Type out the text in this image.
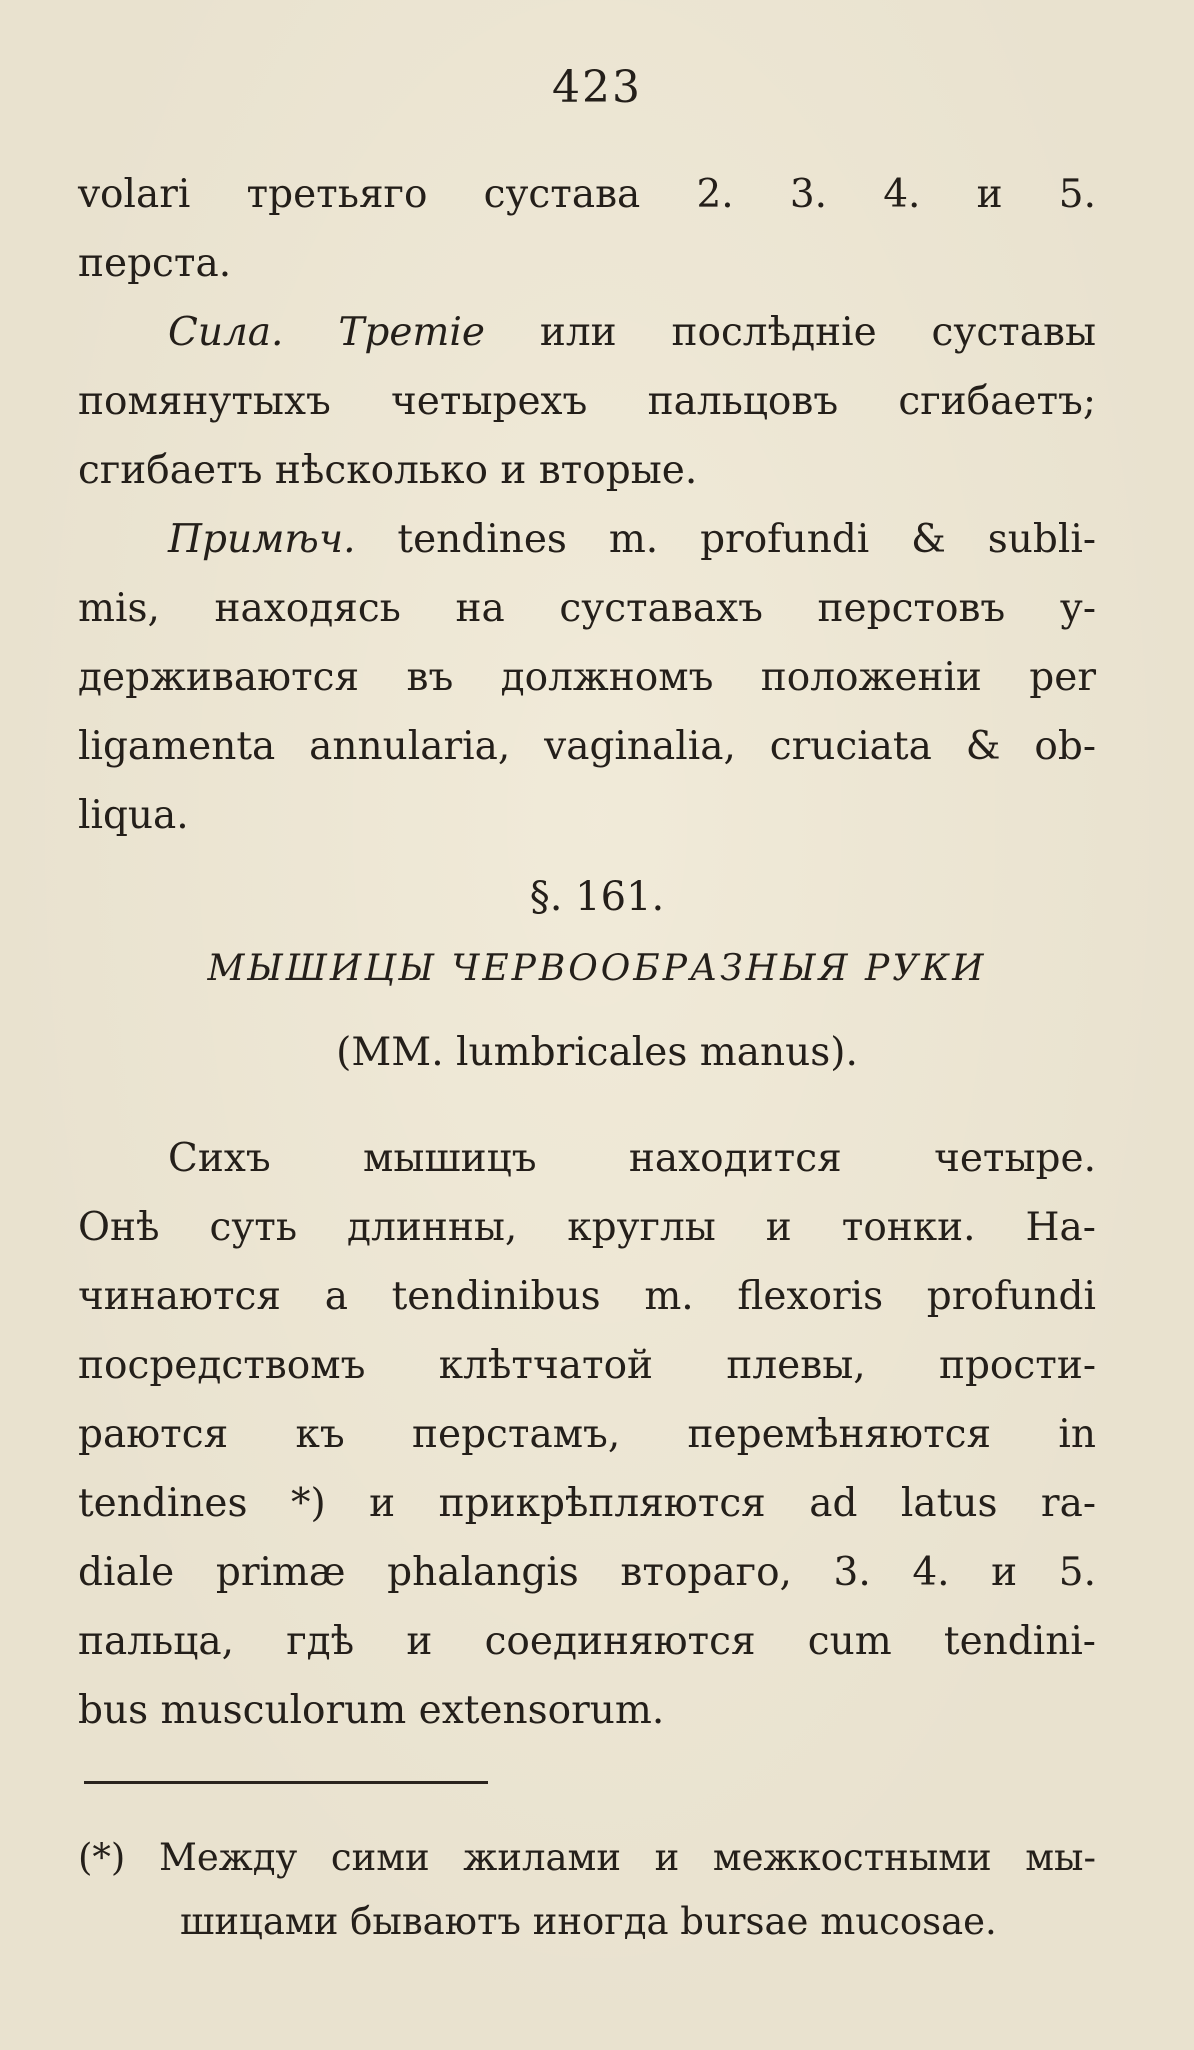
423
volari третьяго сустава 2. 3. 4. и 5.
перста.
Сила. Третіе или послѣдніе суставы
помянутыхъ четырехъ пальцовъ сгибаетъ;
сгибаетъ нѣсколько и вторые.
Примѣч. tendines m. profundi & subli-
mis, находясь на суставахъ перстовъ у-
держиваются въ должномъ положеніи per
ligamenta annularia, vaginalia, cruciata & ob-
liqua.
§. 161.
МЫШИЦЫ ЧЕРВООБРАЗНЫЯ РУКИ
(MM. lumbricales manus).
Сихъ мышицъ находится четыре.
Онѣ суть длинны, круглы и тонки. На-
чинаются a tendinibus m. flexoris profundi
посредствомъ клѣтчатой плевы, прости-
раются къ перстамъ, перемѣняются in
tendines *) и прикрѣпляются ad latus ra-
diale primæ phalangis втораго, 3. 4. и 5.
пальца, гдѣ и соединяются cum tendini-
bus musculorum extensorum.
(*) Между сими жилами и межкостными мы-
шицами бываютъ иногда bursae mucosae.
